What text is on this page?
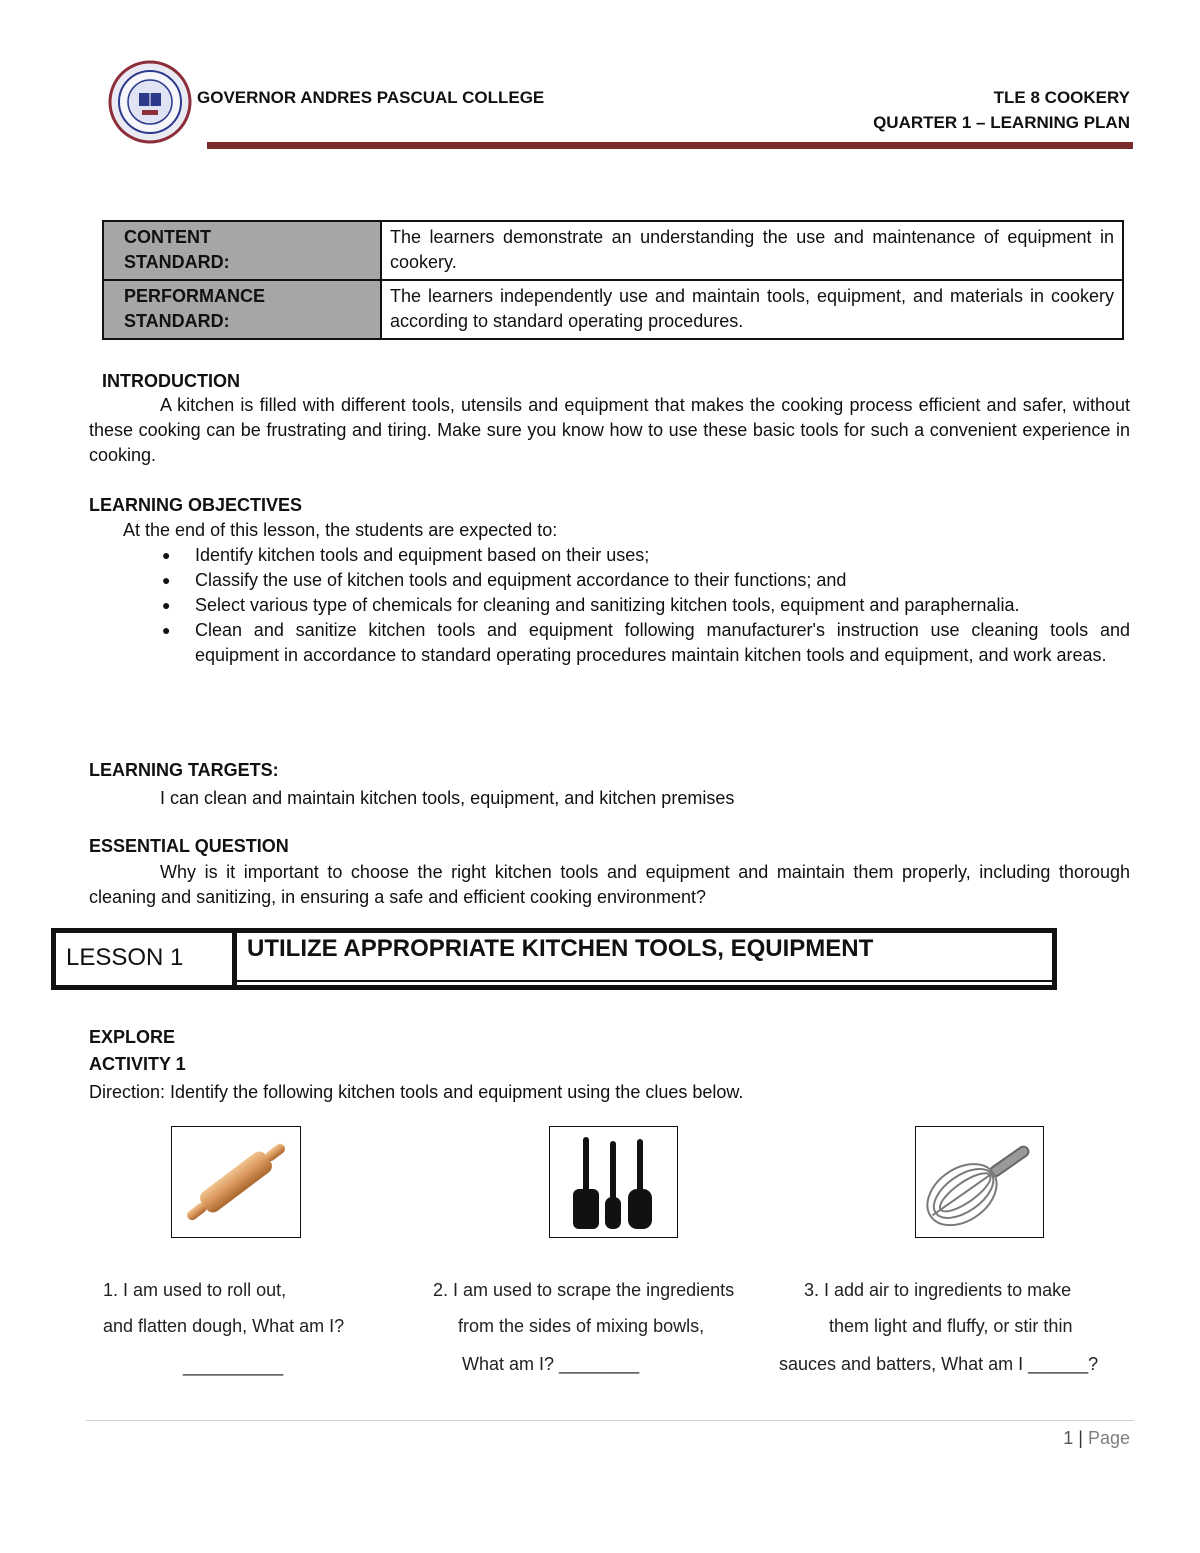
GOVERNOR ANDRES PASCUAL COLLEGE	TLE 8 COOKERY
QUARTER 1 – LEARNING PLAN
CONTENT
STANDARD:	The learners demonstrate an understanding the use and maintenance of equipment in cookery.
PERFORMANCE
STANDARD:	The learners independently use and maintain tools, equipment, and materials in cookery according to standard operating procedures.
INTRODUCTION
A kitchen is filled with different tools, utensils and equipment that makes the cooking process efficient and safer, without these cooking can be frustrating and tiring. Make sure you know how to use these basic tools for such a convenient experience in cooking.
LEARNING OBJECTIVES
At the end of this lesson, the students are expected to:
● Identify kitchen tools and equipment based on their uses;
● Classify the use of kitchen tools and equipment accordance to their functions; and
● Select various type of chemicals for cleaning and sanitizing kitchen tools, equipment and paraphernalia.
● Clean and sanitize kitchen tools and equipment following manufacturer's instruction use cleaning tools and equipment in accordance to standard operating procedures maintain kitchen tools and equipment, and work areas.
LEARNING TARGETS:
I can clean and maintain kitchen tools, equipment, and kitchen premises
ESSENTIAL QUESTION
Why is it important to choose the right kitchen tools and equipment and maintain them properly, including thorough cleaning and sanitizing, in ensuring a safe and efficient cooking environment?
LESSON 1	UTILIZE APPROPRIATE KITCHEN TOOLS, EQUIPMENT
EXPLORE
ACTIVITY 1
Direction: Identify the following kitchen tools and equipment using the clues below.
1. I am used to roll out,
and flatten dough, What am I?
__________
2. I am used to scrape the ingredients
from the sides of mixing bowls,
What am I? ________
3. I add air to ingredients to make
them light and fluffy, or stir thin
sauces and batters, What am I ______?
1 | Page
